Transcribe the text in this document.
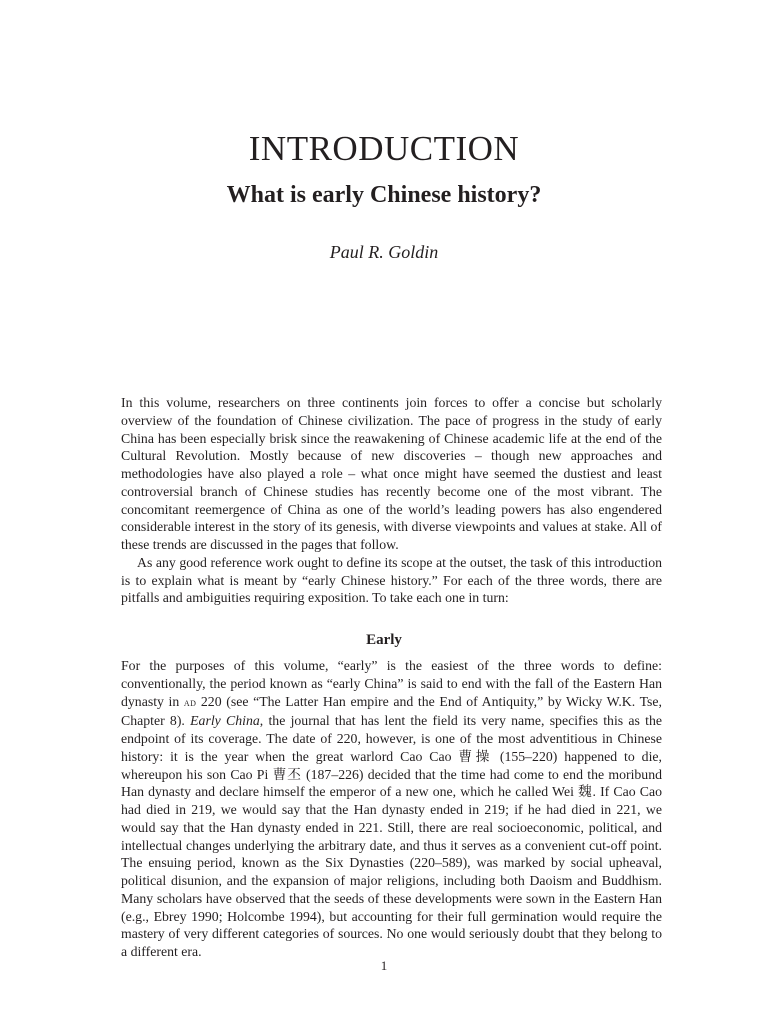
INTRODUCTION
What is early Chinese history?
Paul R. Goldin

In this volume, researchers on three continents join forces to offer a concise but scholarly overview of the foundation of Chinese civilization. The pace of progress in the study of early China has been especially brisk since the reawakening of Chinese academic life at the end of the Cultural Revolution. Mostly because of new discoveries – though new approaches and methodologies have also played a role – what once might have seemed the dustiest and least controversial branch of Chinese studies has recently become one of the most vibrant. The concomitant reemergence of China as one of the world’s leading powers has also engendered considerable interest in the story of its genesis, with diverse viewpoints and values at stake. All of these trends are discussed in the pages that follow.

As any good reference work ought to define its scope at the outset, the task of this introduction is to explain what is meant by “early Chinese history.” For each of the three words, there are pitfalls and ambiguities requiring exposition. To take each one in turn:

Early

For the purposes of this volume, “early” is the easiest of the three words to define: conventionally, the period known as “early China” is said to end with the fall of the Eastern Han dynasty in ad 220 (see “The Latter Han empire and the End of Antiquity,” by Wicky W.K. Tse, Chapter 8). Early China, the journal that has lent the field its very name, specifies this as the endpoint of its coverage. The date of 220, however, is one of the most adventitious in Chinese history: it is the year when the great warlord Cao Cao 曹操 (155–220) happened to die, whereupon his son Cao Pi 曹丕 (187–226) decided that the time had come to end the moribund Han dynasty and declare himself the emperor of a new one, which he called Wei 魏. If Cao Cao had died in 219, we would say that the Han dynasty ended in 219; if he had died in 221, we would say that the Han dynasty ended in 221. Still, there are real socioeconomic, political, and intellectual changes underlying the arbitrary date, and thus it serves as a convenient cut-off point. The ensuing period, known as the Six Dynasties (220–589), was marked by social upheaval, political disunion, and the expansion of major religions, including both Daoism and Buddhism. Many scholars have observed that the seeds of these developments were sown in the Eastern Han (e.g., Ebrey 1990; Holcombe 1994), but accounting for their full germination would require the mastery of very different categories of sources. No one would seriously doubt that they belong to a different era.

1
